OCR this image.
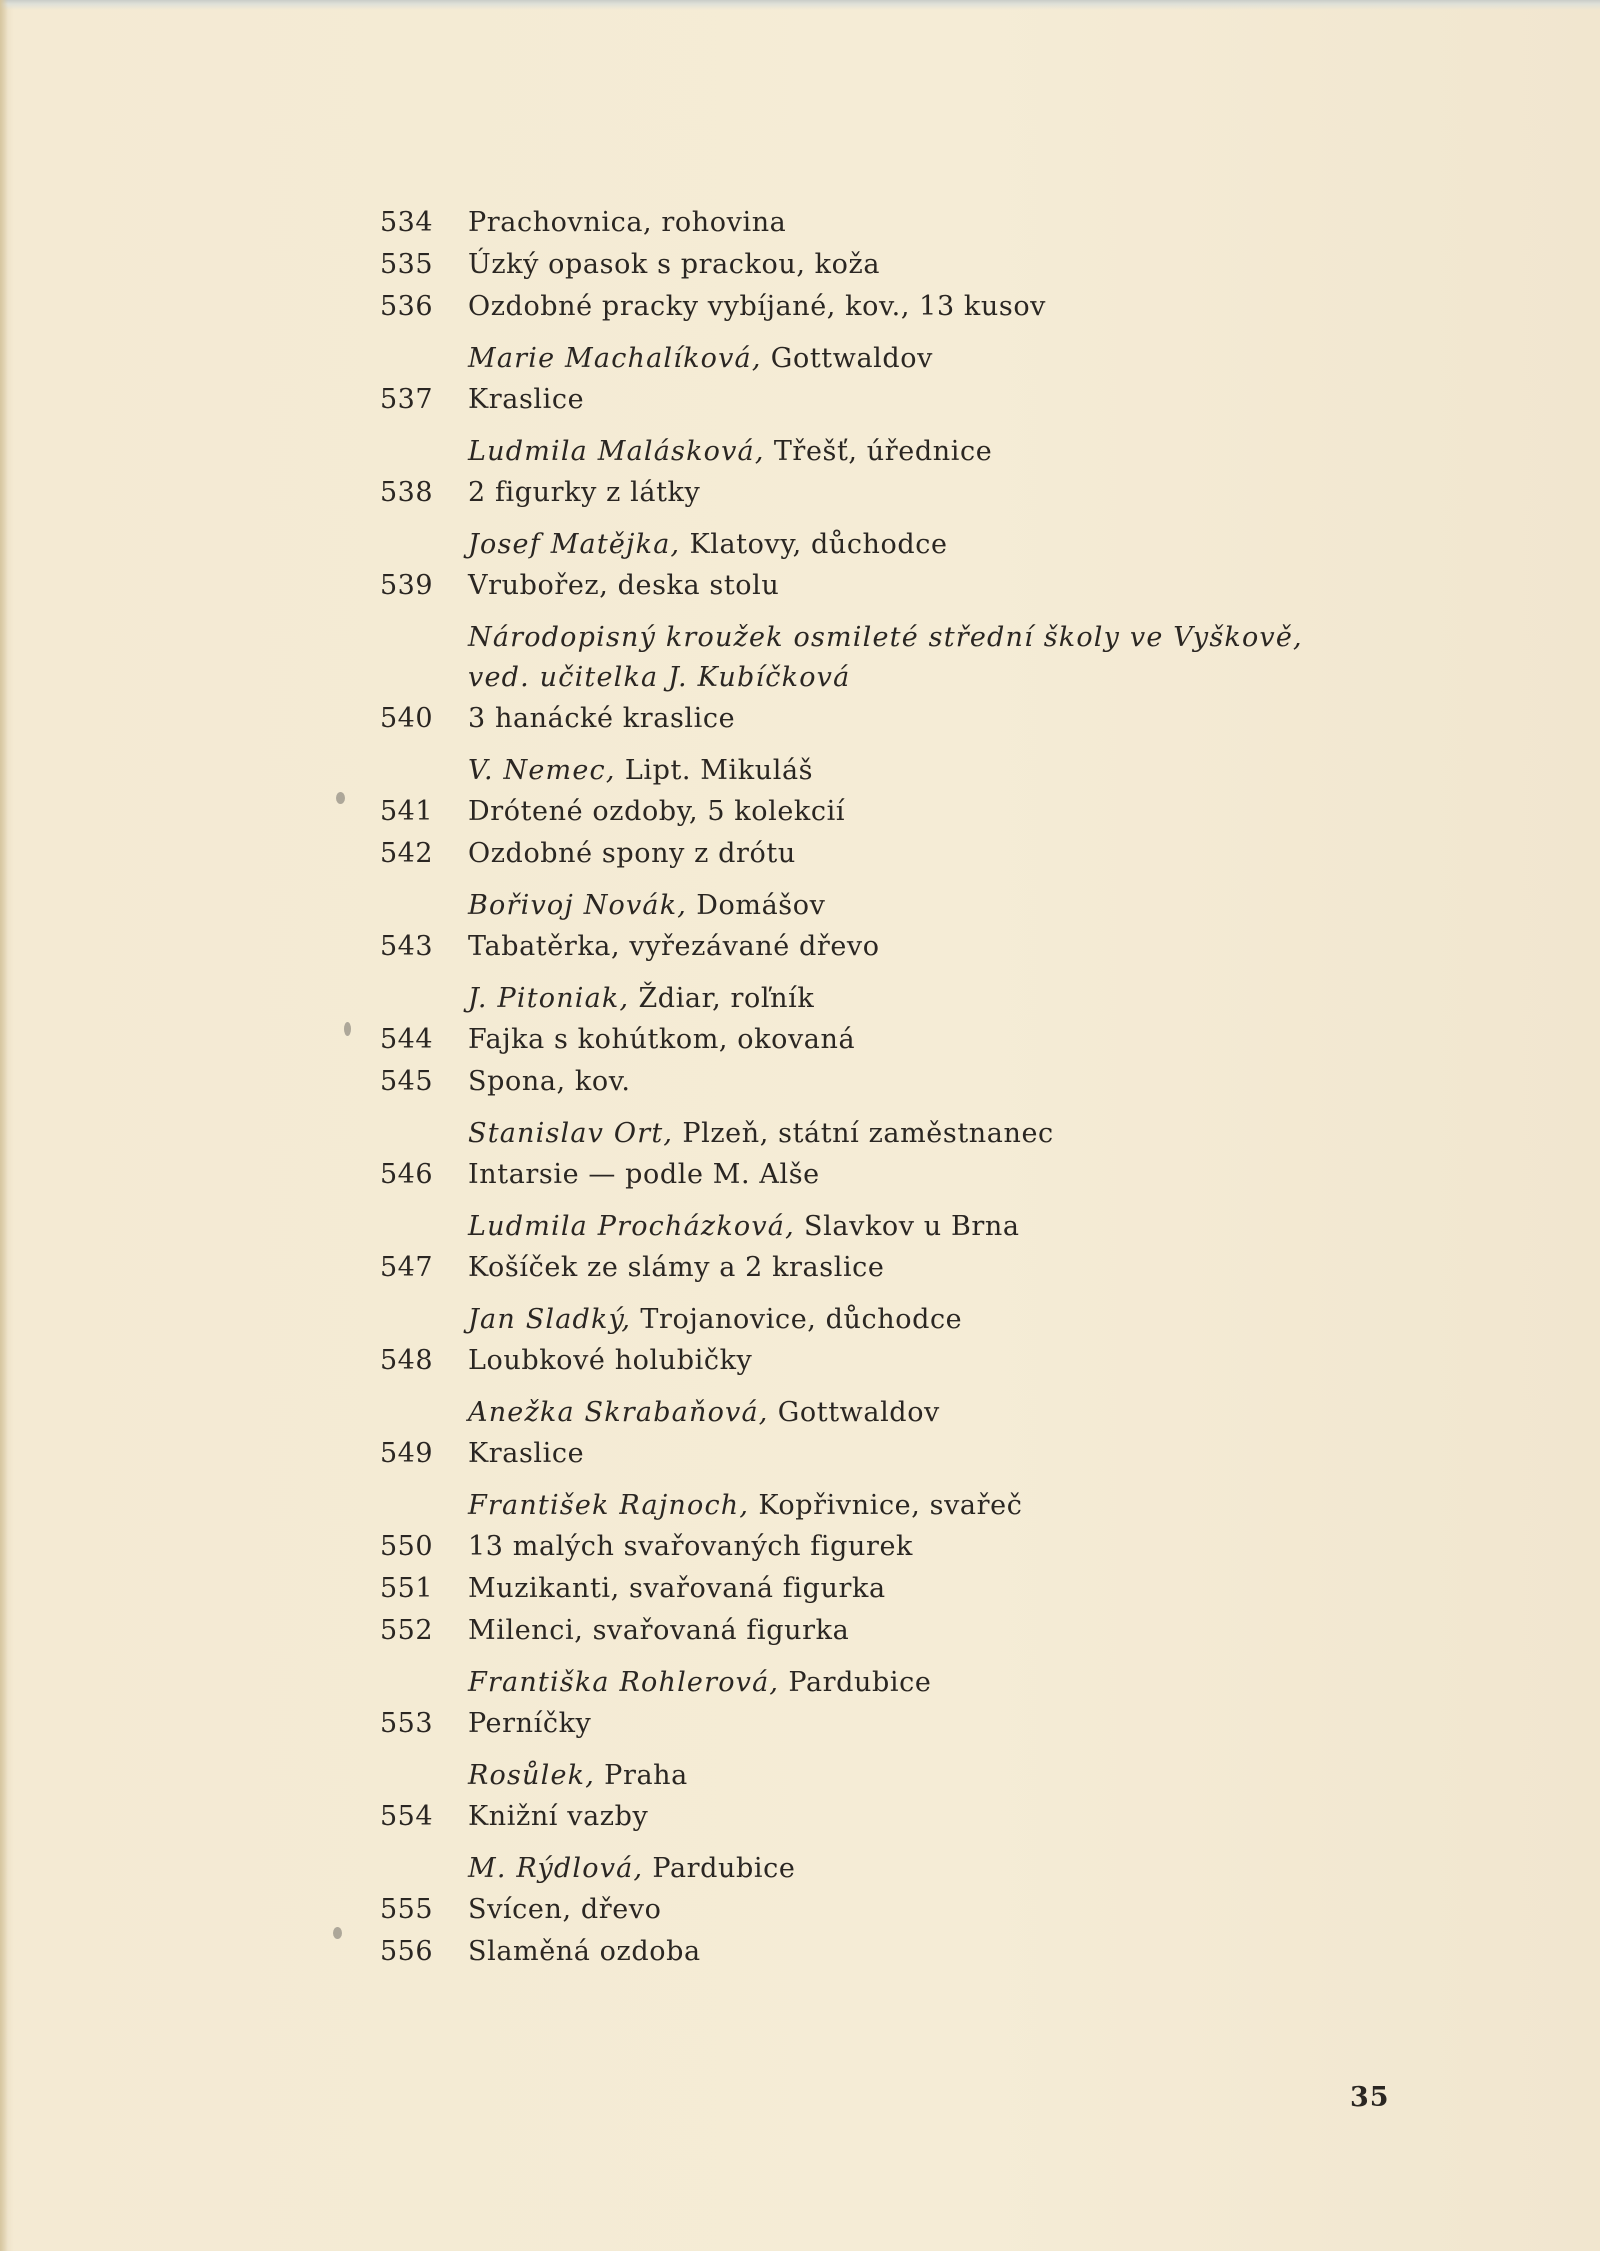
534	Prachovnica, rohovina
535	Úzký opasok s prackou, koža
536	Ozdobné pracky vybíjané, kov., 13 kusov
Marie Machalíková, Gottwaldov
537	Kraslice
Ludmila Malásková, Třešť, úřednice
538	2 figurky z látky
Josef Matějka, Klatovy, důchodce
539	Vrubořez, deska stolu
Národopisný kroužek osmileté střední školy ve Vyškově,
ved. učitelka J. Kubíčková
540	3 hanácké kraslice
V. Nemec, Lipt. Mikuláš
541	Drótené ozdoby, 5 kolekcií
542	Ozdobné spony z drótu
Bořivoj Novák, Domášov
543	Tabatěrka, vyřezávané dřevo
J. Pitoniak, Ždiar, roľník
544	Fajka s kohútkom, okovaná
545	Spona, kov.
Stanislav Ort, Plzeň, státní zaměstnanec
546	Intarsie — podle M. Alše
Ludmila Procházková, Slavkov u Brna
547	Košíček ze slámy a 2 kraslice
Jan Sladký, Trojanovice, důchodce
548	Loubkové holubičky
Anežka Skrabaňová, Gottwaldov
549	Kraslice
František Rajnoch, Kopřivnice, svařeč
550	13 malých svařovaných figurek
551	Muzikanti, svařovaná figurka
552	Milenci, svařovaná figurka
Františka Rohlerová, Pardubice
553	Perníčky
Rosůlek, Praha
554	Knižní vazby
M. Rýdlová, Pardubice
555	Svícen, dřevo
556	Slaměná ozdoba
35
